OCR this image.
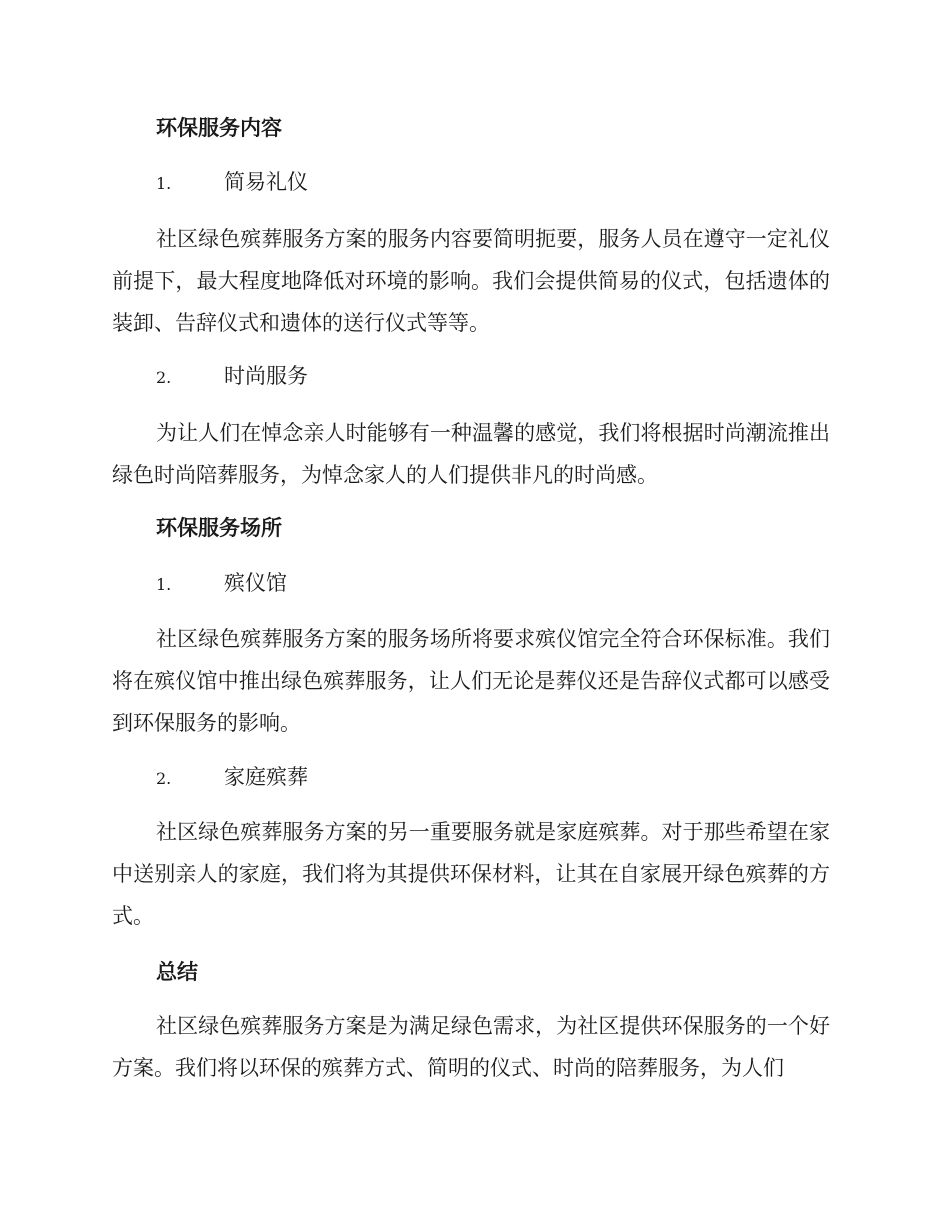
环保服务内容

1.	简易礼仪

社区绿色殡葬服务方案的服务内容要简明扼要，服务人员在遵守一定礼仪前提下，最大程度地降低对环境的影响。我们会提供简易的仪式，包括遗体的装卸、告辞仪式和遗体的送行仪式等等。

2.	时尚服务

为让人们在悼念亲人时能够有一种温馨的感觉，我们将根据时尚潮流推出绿色时尚陪葬服务，为悼念家人的人们提供非凡的时尚感。

环保服务场所

1.	殡仪馆

社区绿色殡葬服务方案的服务场所将要求殡仪馆完全符合环保标准。我们将在殡仪馆中推出绿色殡葬服务，让人们无论是葬仪还是告辞仪式都可以感受到环保服务的影响。

2.	家庭殡葬

社区绿色殡葬服务方案的另一重要服务就是家庭殡葬。对于那些希望在家中送别亲人的家庭，我们将为其提供环保材料，让其在自家展开绿色殡葬的方式。

总结

社区绿色殡葬服务方案是为满足绿色需求，为社区提供环保服务的一个好方案。我们将以环保的殡葬方式、简明的仪式、时尚的陪葬服务，为人们
